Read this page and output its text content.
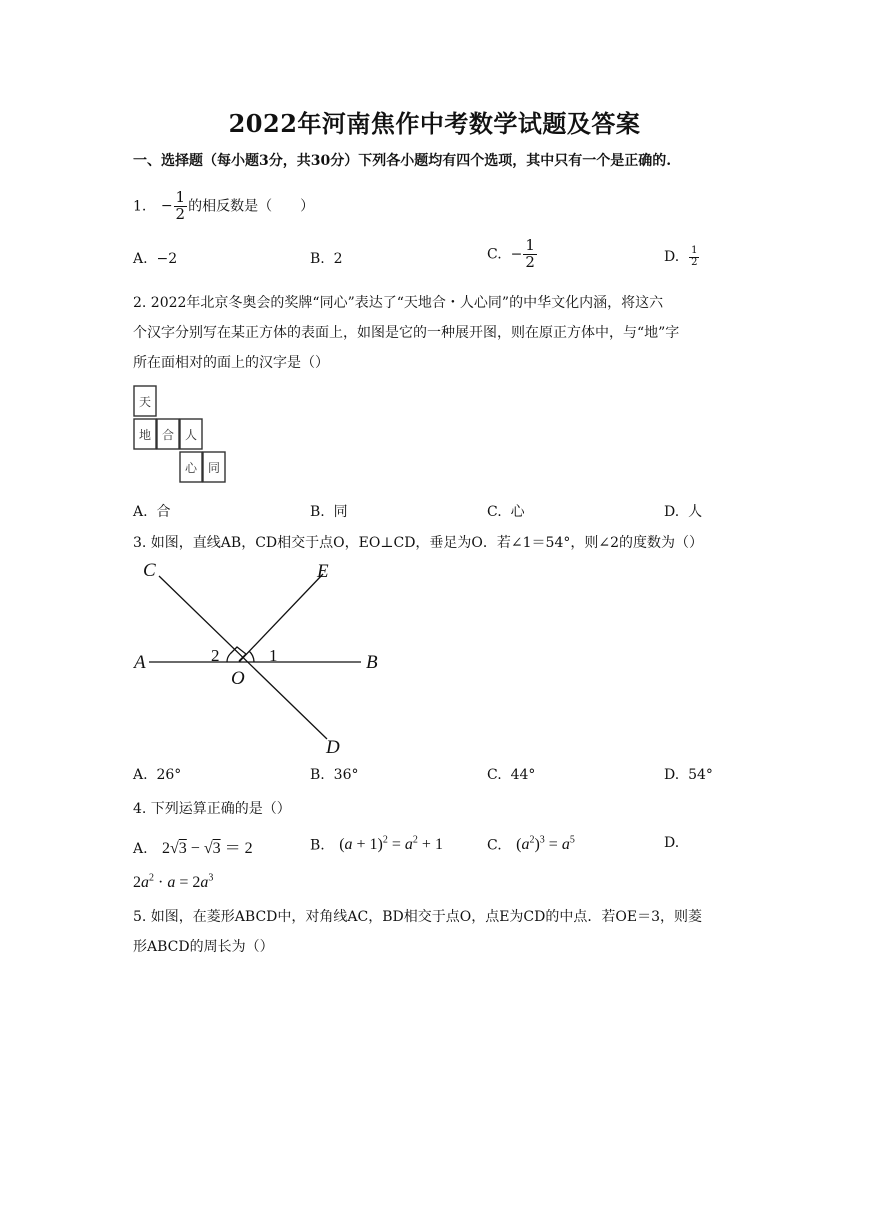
2022年河南焦作中考数学试题及答案
一、选择题（每小题3分，共30分）下列各小题均有四个选项，其中只有一个是正确的.
1. − $\frac{1}{2}$ 的相反数是（　　）
A. −2	B. 2	C. − $\frac{1}{2}$	D. $\frac{1}{2}$
2. 2022年北京冬奥会的奖牌“同心”表达了“天地合・人心同”的中华文化内涵，将这六
个汉字分别写在某正方体的表面上，如图是它的一种展开图，则在原正方体中，与“地”字
所在面相对的面上的汉字是（）
天
地 合 人
心 同
A. 合	B. 同	C. 心	D. 人
3. 如图，直线AB，CD相交于点O，EO⊥CD，垂足为O．若∠1＝54°，则∠2的度数为（）
C	E
A	B
O
D
1
2
A. 26°	B. 36°	C. 44°	D. 54°
4. 下列运算正确的是（）
A. 2√3 − √3 ＝ 2	B. $(a + 1)^2 = a^2 + 1$	C. $(a^2)^3 = a^5$	D.
$2a^2 \cdot a = 2a^3$
5. 如图，在菱形ABCD中，对角线AC，BD相交于点O，点E为CD的中点．若OE＝3，则菱
形ABCD的周长为（）
